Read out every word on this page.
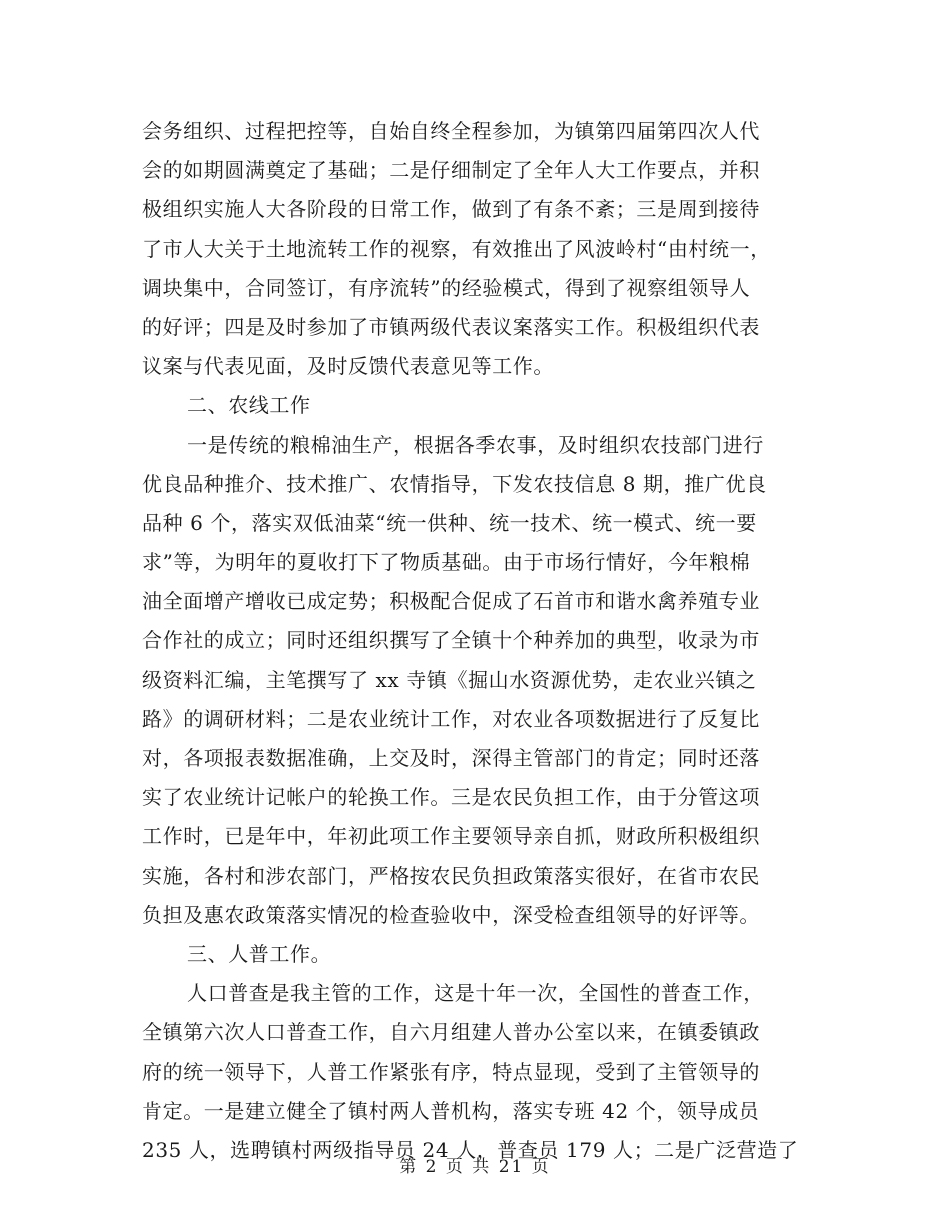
会务组织、过程把控等，自始自终全程参加，为镇第四届第四次人代
会的如期圆满奠定了基础；二是仔细制定了全年人大工作要点，并积
极组织实施人大各阶段的日常工作，做到了有条不紊；三是周到接待
了市人大关于土地流转工作的视察，有效推出了风波岭村“由村统一，
调块集中，合同签订，有序流转”的经验模式，得到了视察组领导人
的好评；四是及时参加了市镇两级代表议案落实工作。积极组织代表
议案与代表见面，及时反馈代表意见等工作。
二、农线工作
一是传统的粮棉油生产，根据各季农事，及时组织农技部门进行
优良品种推介、技术推广、农情指导，下发农技信息 8 期，推广优良
品种 6 个，落实双低油菜“统一供种、统一技术、统一模式、统一要
求”等，为明年的夏收打下了物质基础。由于市场行情好，今年粮棉
油全面增产增收已成定势；积极配合促成了石首市和谐水禽养殖专业
合作社的成立；同时还组织撰写了全镇十个种养加的典型，收录为市
级资料汇编，主笔撰写了 xx 寺镇《掘山水资源优势，走农业兴镇之
路》的调研材料；二是农业统计工作，对农业各项数据进行了反复比
对，各项报表数据准确，上交及时，深得主管部门的肯定；同时还落
实了农业统计记帐户的轮换工作。三是农民负担工作，由于分管这项
工作时，已是年中，年初此项工作主要领导亲自抓，财政所积极组织
实施，各村和涉农部门，严格按农民负担政策落实很好，在省市农民
负担及惠农政策落实情况的检查验收中，深受检查组领导的好评等。
三、人普工作。
人口普查是我主管的工作，这是十年一次，全国性的普查工作，
全镇第六次人口普查工作，自六月组建人普办公室以来，在镇委镇政
府的统一领导下，人普工作紧张有序，特点显现，受到了主管领导的
肯定。一是建立健全了镇村两人普机构，落实专班 42 个，领导成员
235 人，选聘镇村两级指导员 24 人，普查员 179 人；二是广泛营造了
第 2 页 共 21 页
